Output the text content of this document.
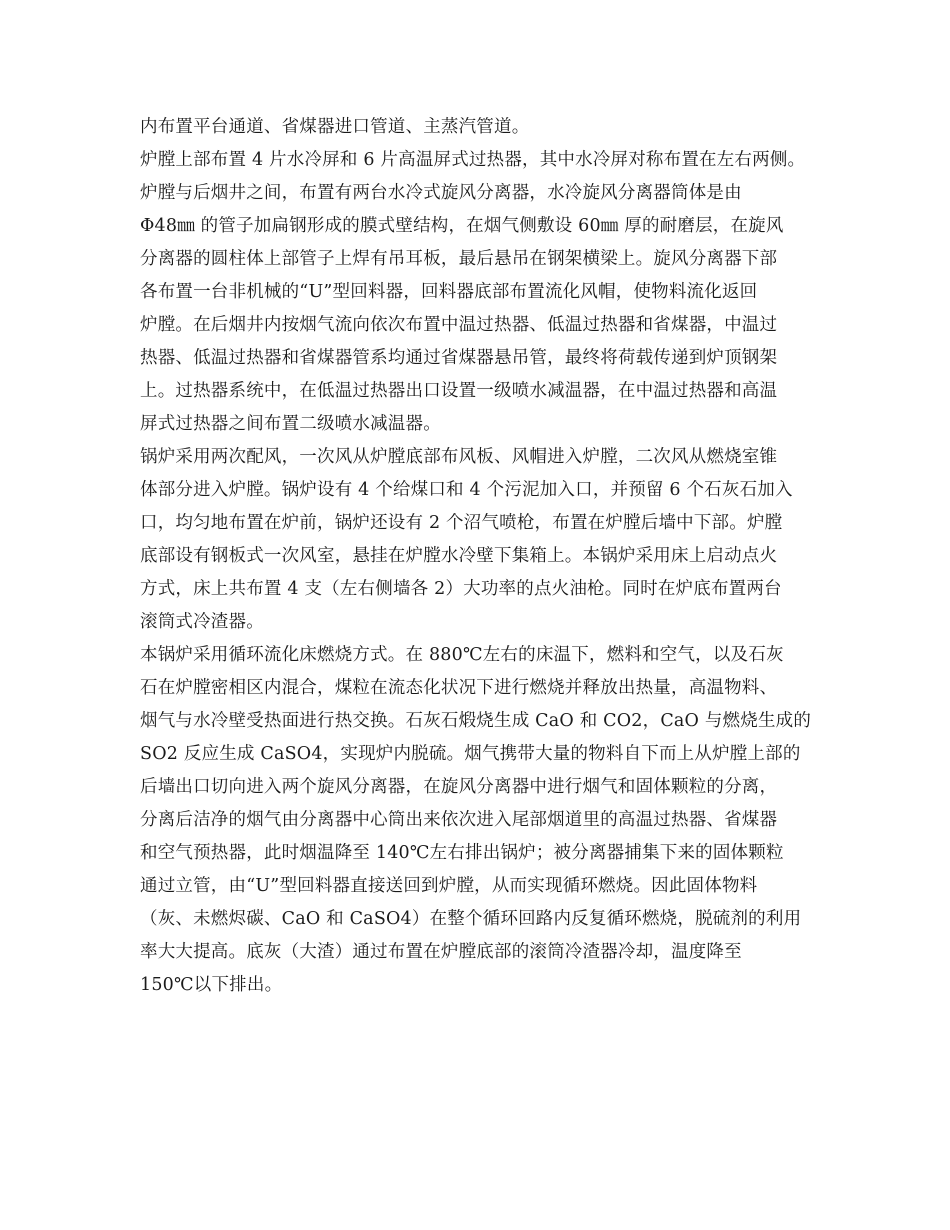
内布置平台通道、省煤器进口管道、主蒸汽管道。
炉膛上部布置 4 片水冷屏和 6 片高温屏式过热器，其中水冷屏对称布置在左右两侧。
炉膛与后烟井之间，布置有两台水冷式旋风分离器，水冷旋风分离器筒体是由
Φ48㎜ 的管子加扁钢形成的膜式壁结构，在烟气侧敷设 60㎜ 厚的耐磨层，在旋风
分离器的圆柱体上部管子上焊有吊耳板，最后悬吊在钢架横梁上。旋风分离器下部
各布置一台非机械的“U”型回料器，回料器底部布置流化风帽，使物料流化返回
炉膛。在后烟井内按烟气流向依次布置中温过热器、低温过热器和省煤器，中温过
热器、低温过热器和省煤器管系均通过省煤器悬吊管，最终将荷载传递到炉顶钢架
上。过热器系统中，在低温过热器出口设置一级喷水减温器，在中温过热器和高温
屏式过热器之间布置二级喷水减温器。
锅炉采用两次配风，一次风从炉膛底部布风板、风帽进入炉膛，二次风从燃烧室锥
体部分进入炉膛。锅炉设有 4 个给煤口和 4 个污泥加入口，并预留 6 个石灰石加入
口，均匀地布置在炉前，锅炉还设有 2 个沼气喷枪，布置在炉膛后墙中下部。炉膛
底部设有钢板式一次风室，悬挂在炉膛水冷壁下集箱上。本锅炉采用床上启动点火
方式，床上共布置 4 支（左右侧墙各 2）大功率的点火油枪。同时在炉底布置两台
滚筒式冷渣器。
本锅炉采用循环流化床燃烧方式。在 880℃左右的床温下，燃料和空气，以及石灰
石在炉膛密相区内混合，煤粒在流态化状况下进行燃烧并释放出热量，高温物料、
烟气与水冷壁受热面进行热交换。石灰石煅烧生成 CaO 和 CO2，CaO 与燃烧生成的
SO2 反应生成 CaSO4，实现炉内脱硫。烟气携带大量的物料自下而上从炉膛上部的
后墙出口切向进入两个旋风分离器，在旋风分离器中进行烟气和固体颗粒的分离，
分离后洁净的烟气由分离器中心筒出来依次进入尾部烟道里的高温过热器、省煤器
和空气预热器，此时烟温降至 140℃左右排出锅炉；被分离器捕集下来的固体颗粒
通过立管，由“U”型回料器直接送回到炉膛，从而实现循环燃烧。因此固体物料
（灰、未燃烬碳、CaO 和 CaSO4）在整个循环回路内反复循环燃烧，脱硫剂的利用
率大大提高。底灰（大渣）通过布置在炉膛底部的滚筒冷渣器冷却，温度降至
150℃以下排出。
